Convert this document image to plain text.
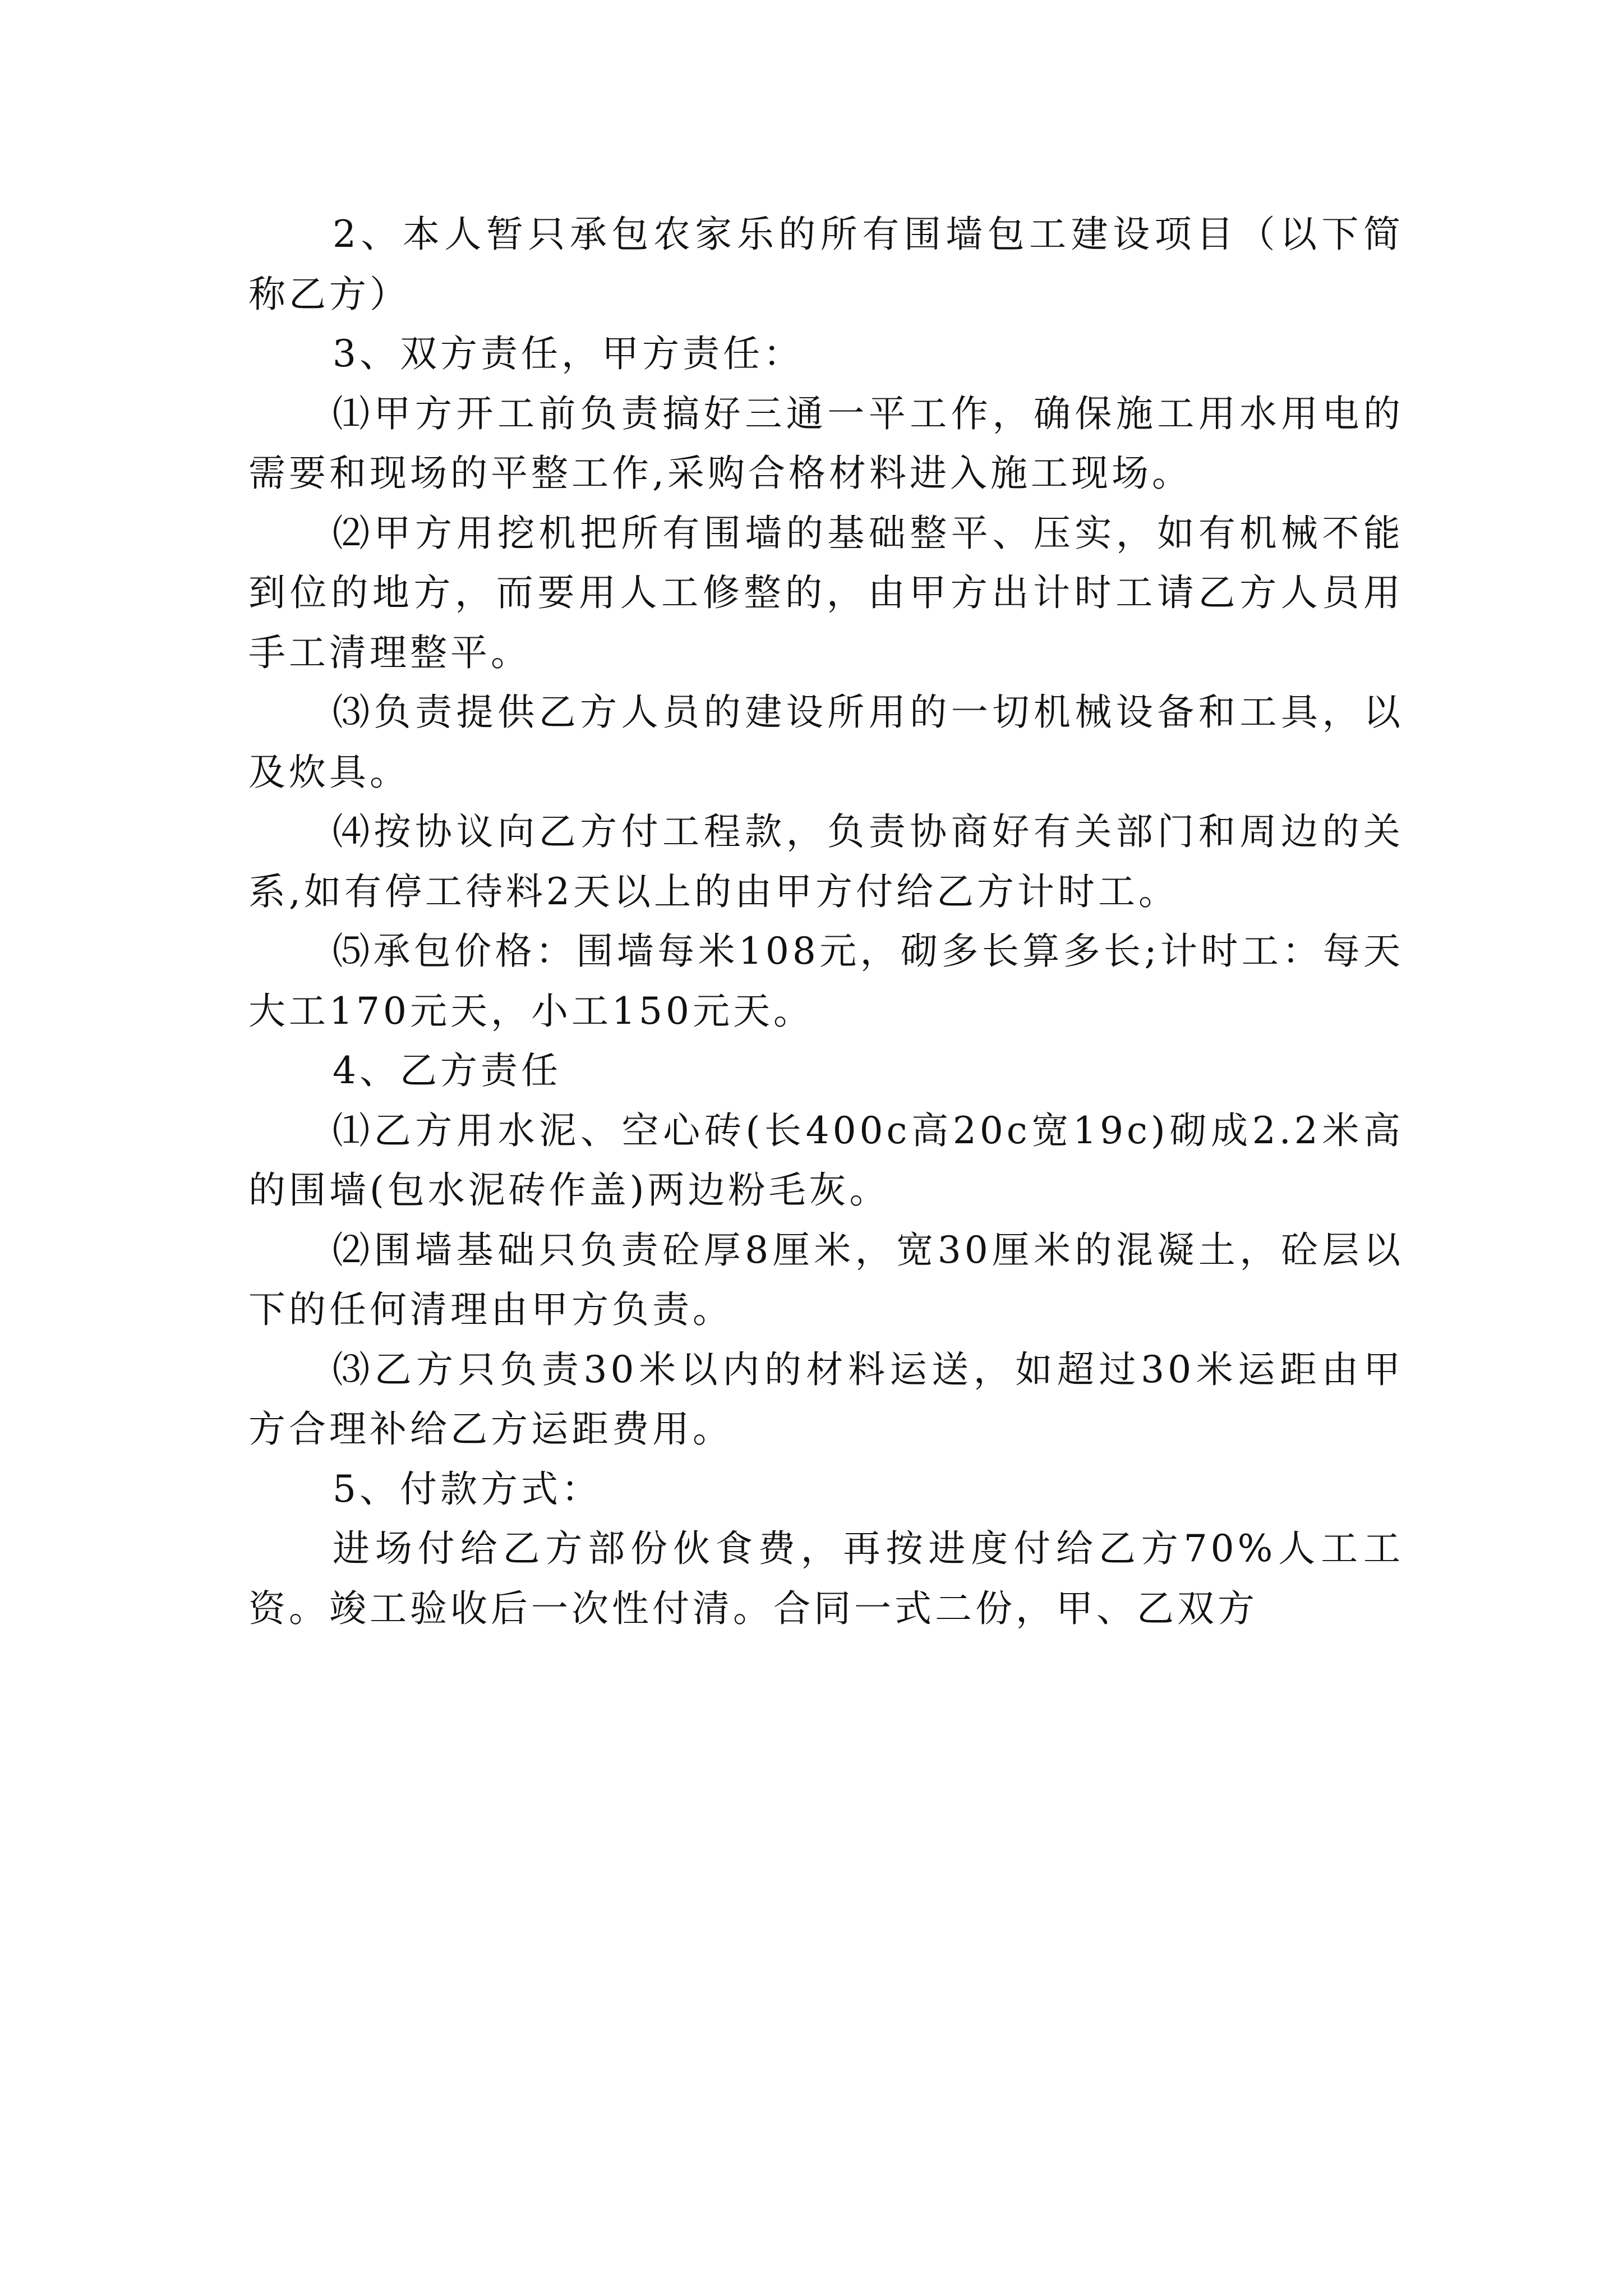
2、本人暂只承包农家乐的所有围墙包工建设项目（以下简称乙方）

3、双方责任，甲方责任：

⑴甲方开工前负责搞好三通一平工作，确保施工用水用电的需要和现场的平整工作,采购合格材料进入施工现场。

⑵甲方用挖机把所有围墙的基础整平、压实，如有机械不能到位的地方，而要用人工修整的，由甲方出计时工请乙方人员用手工清理整平。

⑶负责提供乙方人员的建设所用的一切机械设备和工具，以及炊具。

⑷按协议向乙方付工程款，负责协商好有关部门和周边的关系,如有停工待料2天以上的由甲方付给乙方计时工。

⑸承包价格：围墙每米108元，砌多长算多长;计时工：每天大工170元天，小工150元天。

4、乙方责任

⑴乙方用水泥、空心砖(长400c高20c宽19c)砌成2.2米高的围墙(包水泥砖作盖)两边粉毛灰。

⑵围墙基础只负责砼厚8厘米，宽30厘米的混凝土，砼层以下的任何清理由甲方负责。

⑶乙方只负责30米以内的材料运送，如超过30米运距由甲方合理补给乙方运距费用。

5、付款方式：

进场付给乙方部份伙食费，再按进度付给乙方70%人工工资。竣工验收后一次性付清。合同一式二份，甲、乙双方
